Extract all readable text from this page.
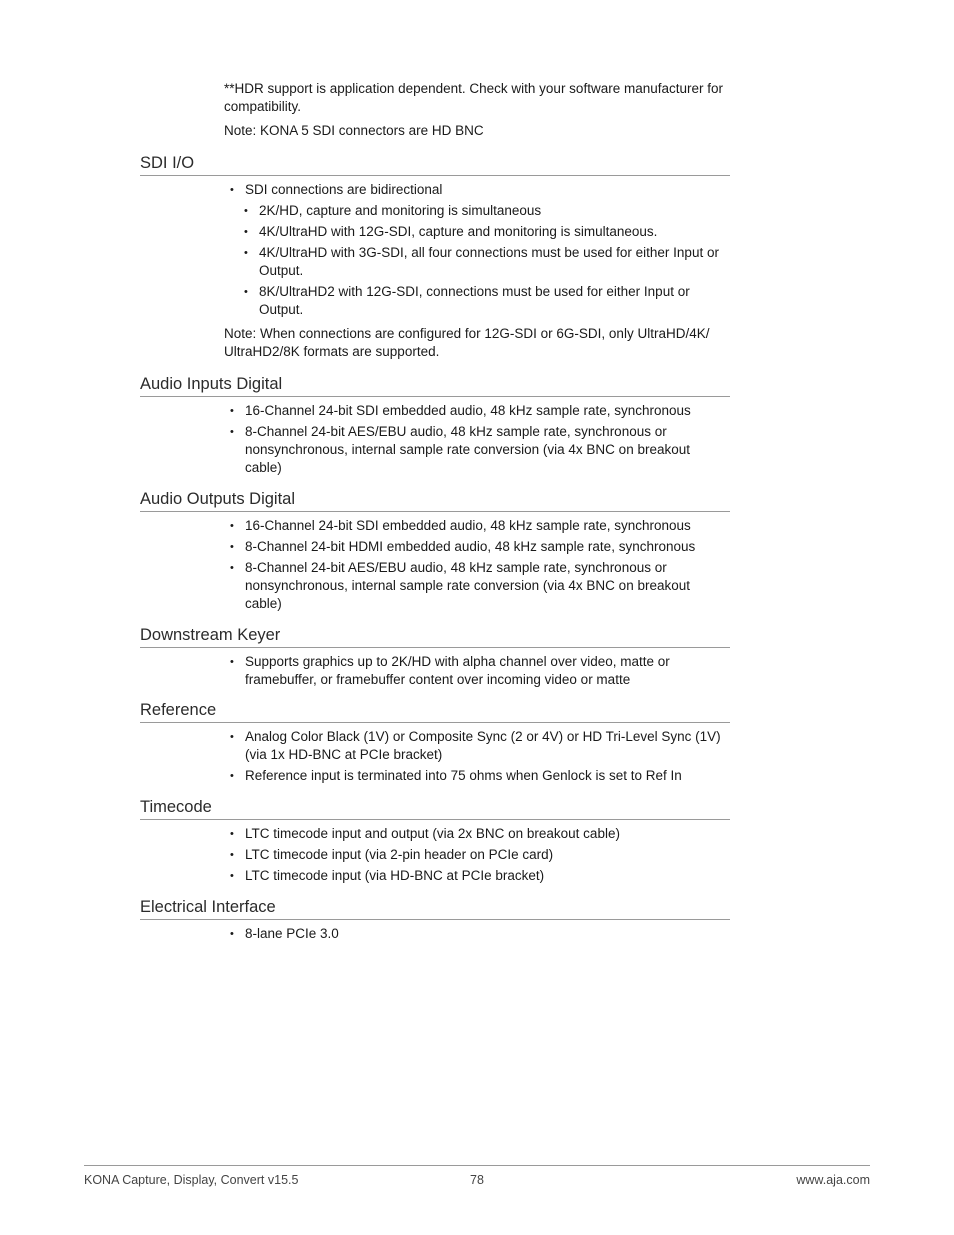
**HDR support is application dependent. Check with your software manufacturer for compatibility.

Note: KONA 5 SDI connectors are HD BNC

SDI I/O
• SDI connections are bidirectional
• 2K/HD, capture and monitoring is simultaneous
• 4K/UltraHD with 12G-SDI, capture and monitoring is simultaneous.
• 4K/UltraHD with 3G-SDI, all four connections must be used for either Input or Output.
• 8K/UltraHD2 with 12G-SDI, connections must be used for either Input or Output.

Note: When connections are configured for 12G-SDI or 6G-SDI, only UltraHD/4K/ UltraHD2/8K formats are supported.

Audio Inputs Digital
• 16-Channel 24-bit SDI embedded audio, 48 kHz sample rate, synchronous
• 8-Channel 24-bit AES/EBU audio, 48 kHz sample rate, synchronous or nonsynchronous, internal sample rate conversion (via 4x BNC on breakout cable)
Audio Outputs Digital
• 16-Channel 24-bit SDI embedded audio, 48 kHz sample rate, synchronous
• 8-Channel 24-bit HDMI embedded audio, 48 kHz sample rate, synchronous
• 8-Channel 24-bit AES/EBU audio, 48 kHz sample rate, synchronous or nonsynchronous, internal sample rate conversion (via 4x BNC on breakout cable)
Downstream Keyer
• Supports graphics up to 2K/HD with alpha channel over video, matte or framebuffer, or framebuffer content over incoming video or matte
Reference
• Analog Color Black (1V) or Composite Sync (2 or 4V) or HD Tri-Level Sync (1V) (via 1x HD-BNC at PCIe bracket)
• Reference input is terminated into 75 ohms when Genlock is set to Ref In
Timecode
• LTC timecode input and output (via 2x BNC on breakout cable)
• LTC timecode input (via 2-pin header on PCIe card)
• LTC timecode input (via HD-BNC at PCIe bracket)
Electrical Interface
• 8-lane PCIe 3.0
KONA Capture, Display, Convert v15.5	78	www.aja.com
